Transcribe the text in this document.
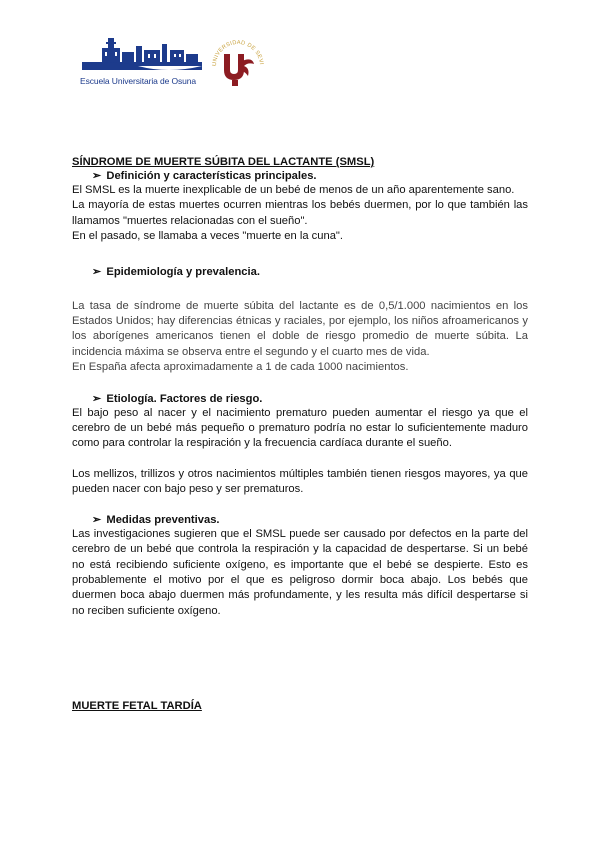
Escuela Universitaria de Osuna
UNIVERSIDAD DE SEVI

SÍNDROME DE MUERTE SÚBITA DEL LACTANTE (SMSL)

➢ Definición y características principales.

El SMSL es la muerte inexplicable de un bebé de menos de un año aparentemente sano.

La mayoría de estas muertes ocurren mientras los bebés duermen, por lo que también las llamamos "muertes relacionadas con el sueño".

En el pasado, se llamaba a veces "muerte en la cuna".

➢ Epidemiología y prevalencia.

La tasa de síndrome de muerte súbita del lactante es de 0,5/1.000 nacimientos en los Estados Unidos; hay diferencias étnicas y raciales, por ejemplo, los niños afroamericanos y los aborígenes americanos tienen el doble de riesgo promedio de muerte súbita. La incidencia máxima se observa entre el segundo y el cuarto mes de vida.

En España afecta aproximadamente a 1 de cada 1000 nacimientos.

➢ Etiología. Factores de riesgo.

El bajo peso al nacer y el nacimiento prematuro pueden aumentar el riesgo ya que el cerebro de un bebé más pequeño o prematuro podría no estar lo suficientemente maduro como para controlar la respiración y la frecuencia cardíaca durante el sueño.

Los mellizos, trillizos y otros nacimientos múltiples también tienen riesgos mayores, ya que pueden nacer con bajo peso y ser prematuros.

➢ Medidas preventivas.

Las investigaciones sugieren que el SMSL puede ser causado por defectos en la parte del cerebro de un bebé que controla la respiración y la capacidad de despertarse. Si un bebé no está recibiendo suficiente oxígeno, es importante que el bebé se despierte. Esto es probablemente el motivo por el que es peligroso dormir boca abajo. Los bebés que duermen boca abajo duermen más profundamente, y les resulta más difícil despertarse si no reciben suficiente oxígeno.

MUERTE FETAL TARDÍA
